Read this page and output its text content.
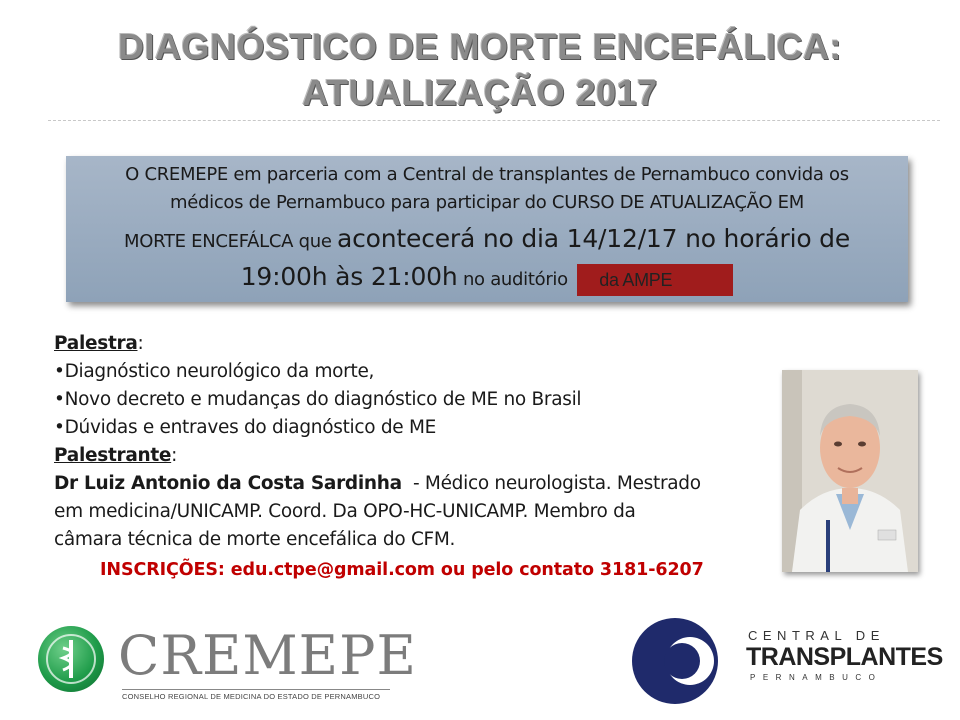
DIAGNÓSTICO DE MORTE ENCEFÁLICA:
ATUALIZAÇÃO 2017
O CREMEPE em parceria com a Central de transplantes de Pernambuco convida os
médicos de Pernambuco para participar do CURSO DE ATUALIZAÇÃO EM
MORTE ENCEFÁLCA que acontecerá no dia 14/12/17 no horário de
19:00h às 21:00h no auditório da AMPE
Palestra:
•Diagnóstico neurológico da morte,
•Novo decreto e mudanças do diagnóstico de ME no Brasil
•Dúvidas e entraves do diagnóstico de ME
Palestrante:
Dr Luiz Antonio da Costa Sardinha  - Médico neurologista. Mestrado
em medicina/UNICAMP. Coord. Da OPO-HC-UNICAMP. Membro da
câmara técnica de morte encefálica do CFM.
INSCRIÇÕES: edu.ctpe@gmail.com ou pelo contato 3181-6207
CREMEPE
CONSELHO REGIONAL DE MEDICINA DO ESTADO DE PERNAMBUCO
CENTRAL DE
TRANSPLANTES
PERNAMBUCO
